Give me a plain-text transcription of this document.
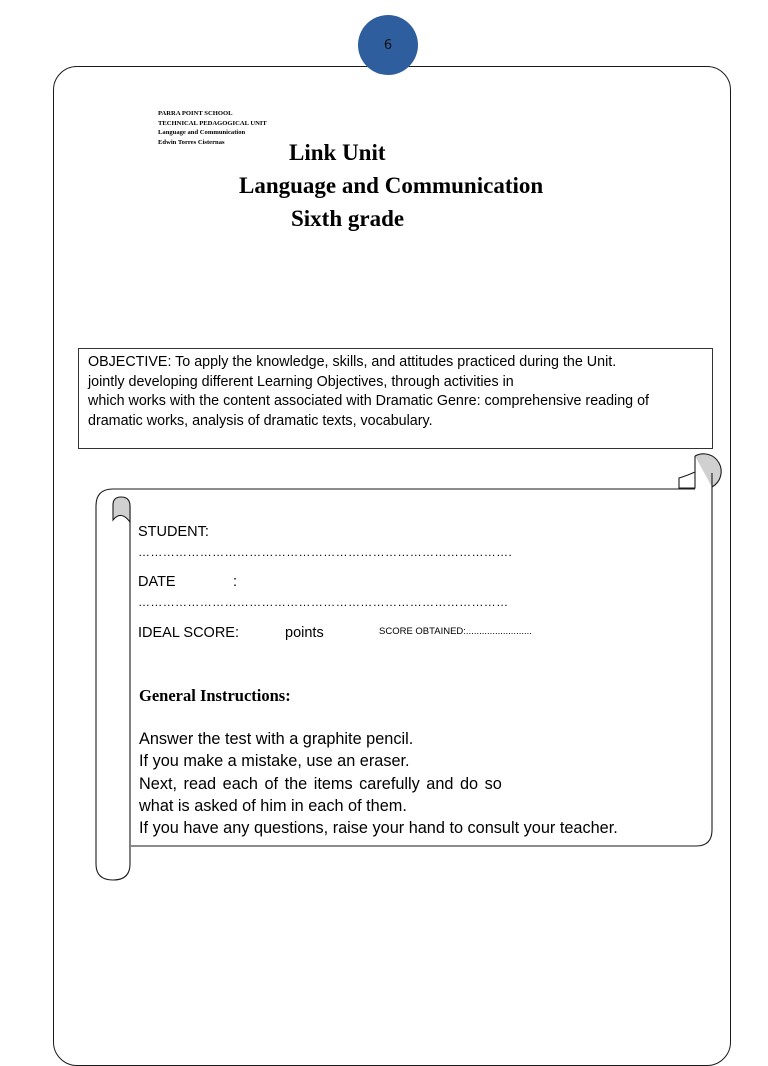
6
PARRA POINT SCHOOL
TECHNICAL PEDAGOGICAL UNIT
Language and Communication
Edwin Torres Cisternas	Link Unit
Language and Communication
Sixth grade
OBJECTIVE: To apply the knowledge, skills, and attitudes practiced during the Unit.
jointly developing different Learning Objectives, through activities in
which works with the content associated with Dramatic Genre: comprehensive reading of
dramatic works, analysis of dramatic texts, vocabulary.
STUDENT:
……………………………………………………………………………….
DATE	:
………………………………………………………………………………
IDEAL SCORE:	points	SCORE OBTAINED:.........................
General Instructions:
Answer the test with a graphite pencil.
If you make a mistake, use an eraser.
Next, read each of the items carefully and do so
what is asked of him in each of them.
If you have any questions, raise your hand to consult your teacher.
